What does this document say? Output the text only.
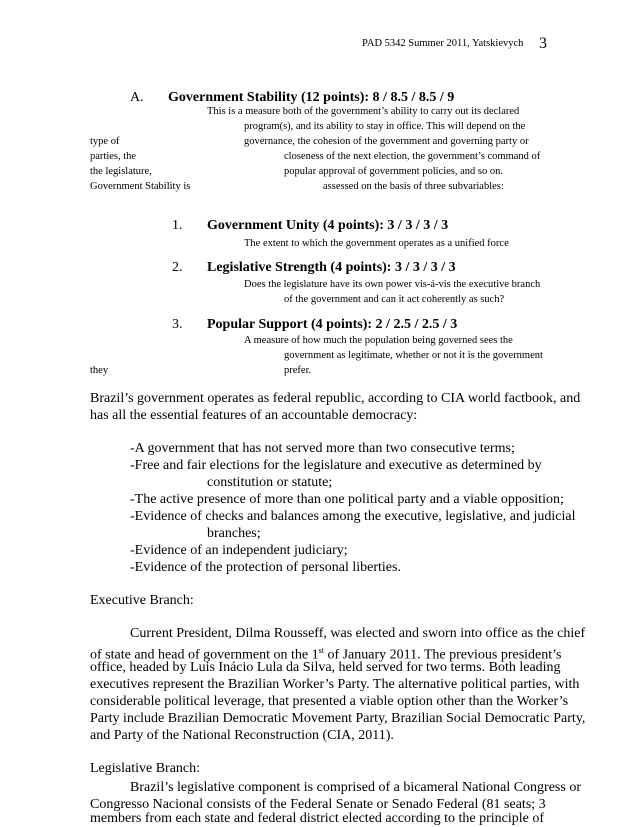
PAD 5342 Summer 2011, Yatskievych 3
A. Government Stability (12 points): 8 / 8.5 / 8.5 / 9
This is a measure both of the government’s ability to carry out its declared
program(s), and its ability to stay in office. This will depend on the
governance, the cohesion of the government and governing party or
closeness of the next election, the government’s command of
popular approval of government policies, and so on.
assessed on the basis of three subvariables:
type of
parties, the
the legislature,
Government Stability is
1. Government Unity (4 points): 3 / 3 / 3 / 3
The extent to which the government operates as a unified force
2. Legislative Strength (4 points): 3 / 3 / 3 / 3
Does the legislature have its own power vis-á-vis the executive branch
of the government and can it act coherently as such?
3. Popular Support (4 points): 2 / 2.5 / 2.5 / 3
A measure of how much the population being governed sees the
government as legitimate, whether or not it is the government
prefer.
they
Brazil’s government operates as federal republic, according to CIA world factbook, and
has all the essential features of an accountable democracy:
-A government that has not served more than two consecutive terms;
-Free and fair elections for the legislature and executive as determined by
constitution or statute;
-The active presence of more than one political party and a viable opposition;
-Evidence of checks and balances among the executive, legislative, and judicial
branches;
-Evidence of an independent judiciary;
-Evidence of the protection of personal liberties.
Executive Branch:
Current President, Dilma Rousseff, was elected and sworn into office as the chief
of state and head of government on the 1st of January 2011. The previous president’s
office, headed by Luis Inácio Lula da Silva, held served for two terms. Both leading
executives represent the Brazilian Worker’s Party. The alternative political parties, with
considerable political leverage, that presented a viable option other than the Worker’s
Party include Brazilian Democratic Movement Party, Brazilian Social Democratic Party,
and Party of the National Reconstruction (CIA, 2011).
Legislative Branch:
Brazil’s legislative component is comprised of a bicameral National Congress or
Congresso Nacional consists of the Federal Senate or Senado Federal (81 seats; 3
members from each state and federal district elected according to the principle of
